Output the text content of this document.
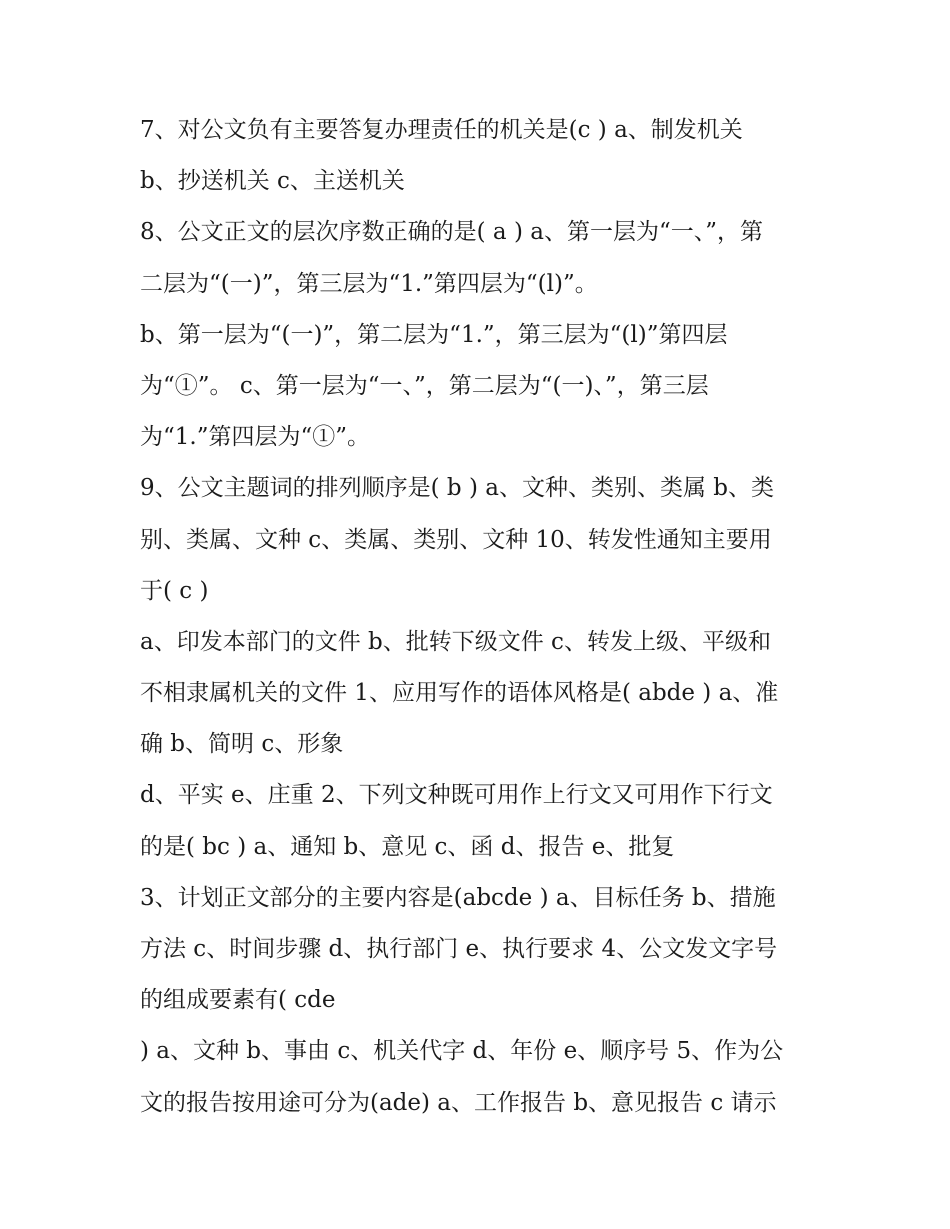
7、对公文负有主要答复办理责任的机关是(c ) a、制发机关
b、抄送机关 c、主送机关
8、公文正文的层次序数正确的是( a ) a、第一层为“一、”，第
二层为“(一)”，第三层为“1.”第四层为“(l)”。
b、第一层为“(一)”，第二层为“1.”，第三层为“(l)”第四层
为“①”。 c、第一层为“一、”，第二层为“(一)、”，第三层
为“1.”第四层为“①”。
9、公文主题词的排列顺序是( b ) a、文种、类别、类属 b、类
别、类属、文种 c、类属、类别、文种 10、转发性通知主要用
于( c )
a、印发本部门的文件 b、批转下级文件 c、转发上级、平级和
不相隶属机关的文件 1、应用写作的语体风格是( abde ) a、准
确 b、简明 c、形象
d、平实 e、庄重 2、下列文种既可用作上行文又可用作下行文
的是( bc ) a、通知 b、意见 c、函 d、报告 e、批复
3、计划正文部分的主要内容是(abcde ) a、目标任务 b、措施
方法 c、时间步骤 d、执行部门 e、执行要求 4、公文发文字号
的组成要素有( cde
) a、文种 b、事由 c、机关代字 d、年份 e、顺序号 5、作为公
文的报告按用途可分为(ade) a、工作报告 b、意见报告 c 请示
